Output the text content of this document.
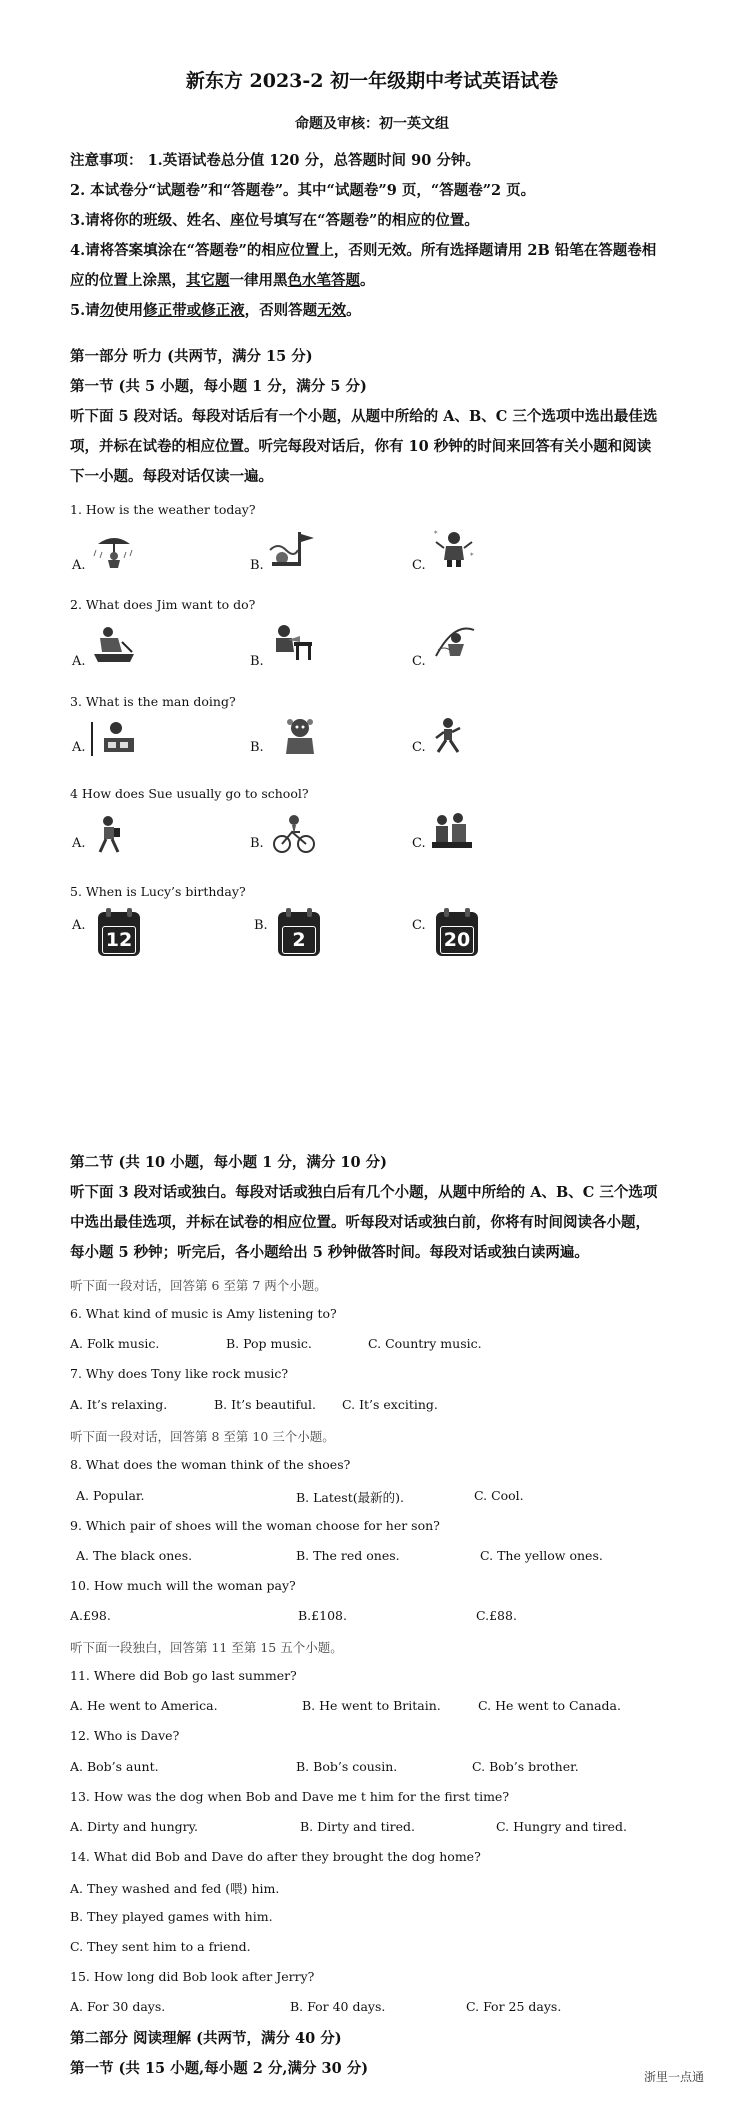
新东方 2023-2 初一年级期中考试英语试卷
命题及审核：初一英文组
注意事项： 1.英语试卷总分值 120 分，总答题时间 90 分钟。
2. 本试卷分“试题卷”和“答题卷”。其中“试题卷”9 页，“答题卷”2 页。
3.请将你的班级、姓名、座位号填写在“答题卷”的相应的位置。
4.请将答案填涂在“答题卷”的相应位置上，否则无效。所有选择题请用 2B 铅笔在答题卷相
应的位置上涂黑，其它题一律用黑色水笔答题。
5.请勿使用修正带或修正液，否则答题无效。
第一部分 听力 (共两节，满分 15 分)
第一节 (共 5 小题，每小题 1 分，满分 5 分)
听下面 5 段对话。每段对话后有一个小题，从题中所给的 A、B、C 三个选项中选出最佳选
项，并标在试卷的相应位置。听完每段对话后，你有 10 秒钟的时间来回答有关小题和阅读
下一小题。每段对话仅读一遍。
1. How is the weather today?
A.	B.	C.
*
*
2. What does Jim want to do?
A.	B.	C.
3. What is the man doing?
A.	B.	C.
4 How does Sue usually go to school?
A.	B.	C.
5. When is Lucy’s birthday?
A.
12
B.
2
C.
20
第二节 (共 10 小题，每小题 1 分，满分 10 分)
听下面 3 段对话或独白。每段对话或独白后有几个小题，从题中所给的 A、B、C 三个选项
中选出最佳选项，并标在试卷的相应位置。听每段对话或独白前，你将有时间阅读各小题，
每小题 5 秒钟；听完后，各小题给出 5 秒钟做答时间。每段对话或独白读两遍。
听下面一段对话，回答第 6 至第 7 两个小题。
6. What kind of music is Amy listening to?
A. Folk music.	B. Pop music.	C. Country music.
7. Why does Tony like rock music?
A. It’s relaxing.	B. It’s beautiful. C. It’s exciting.
听下面一段对话，回答第 8 至第 10 三个小题。
8. What does the woman think of the shoes?
A. Popular.	B. Latest(最新的).	C. Cool.
9. Which pair of shoes will the woman choose for her son?
A. The black ones.	B. The red ones.	C. The yellow ones.
10. How much will the woman pay?
A.£98.	B.£108.	C.£88.
听下面一段独白，回答第 11 至第 15 五个小题。
11. Where did Bob go last summer?
A. He went to America.	B. He went to Britain.	C. He went to Canada.
12. Who is Dave?
A. Bob’s aunt.	B. Bob’s cousin.	C. Bob’s brother.
13. How was the dog when Bob and Dave me t him for the first time?
A. Dirty and hungry.	B. Dirty and tired.	C. Hungry and tired.
14. What did Bob and Dave do after they brought the dog home?
A. They washed and fed (喂) him.
B. They played games with him.
C. They sent him to a friend.
15. How long did Bob look after Jerry?
A. For 30 days.	B. For 40 days.	C. For 25 days.
第二部分 阅读理解 (共两节，满分 40 分)
第一节 (共 15 小题,每小题 2 分,满分 30 分)	浙里一点通
